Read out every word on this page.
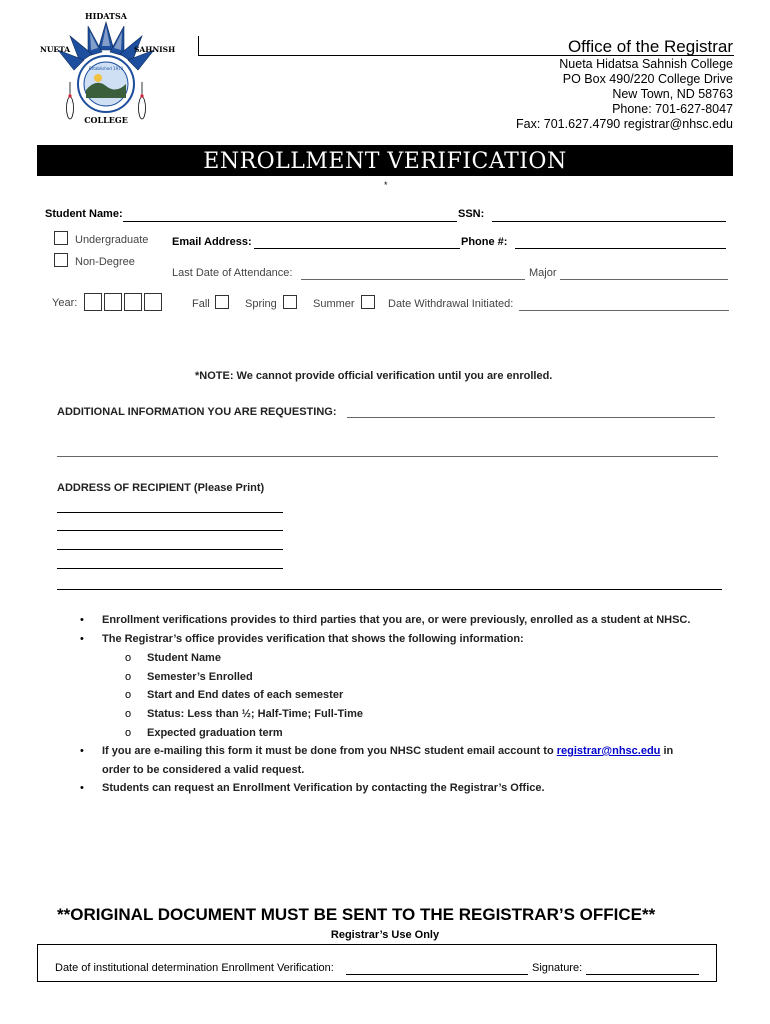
HIDATSA
NUETA	SAHNISH
COLLEGE
Established 1973
Office of the Registrar
Nueta Hidatsa Sahnish College
PO Box 490/220 College Drive
New Town, ND 58763
Phone: 701-627-8047
Fax: 701.627.4790 registrar@nhsc.edu
ENROLLMENT VERIFICATION
*
Student Name:	SSN:
Undergraduate Email Address:	Phone #:
Non-Degree
Last Date of Attendance:	Major
Year:	Fall	Spring	Summer	Date Withdrawal Initiated:
*NOTE: We cannot provide official verification until you are enrolled.
ADDITIONAL INFORMATION YOU ARE REQUESTING:
ADDRESS OF RECIPIENT (Please Print)
• Enrollment verifications provides to third parties that you are, or were previously, enrolled as a student at NHSC.
• The Registrar’s office provides verification that shows the following information:
o Student Name
o Semester’s Enrolled
o Start and End dates of each semester
o Status: Less than ½; Half-Time; Full-Time
o Expected graduation term
• If you are e-mailing this form it must be done from you NHSC student email account to registrar@nhsc.edu in
order to be considered a valid request.
• Students can request an Enrollment Verification by contacting the Registrar’s Office.
**ORIGINAL DOCUMENT MUST BE SENT TO THE REGISTRAR’S OFFICE**
Registrar’s Use Only
Date of institutional determination Enrollment Verification:	Signature:
